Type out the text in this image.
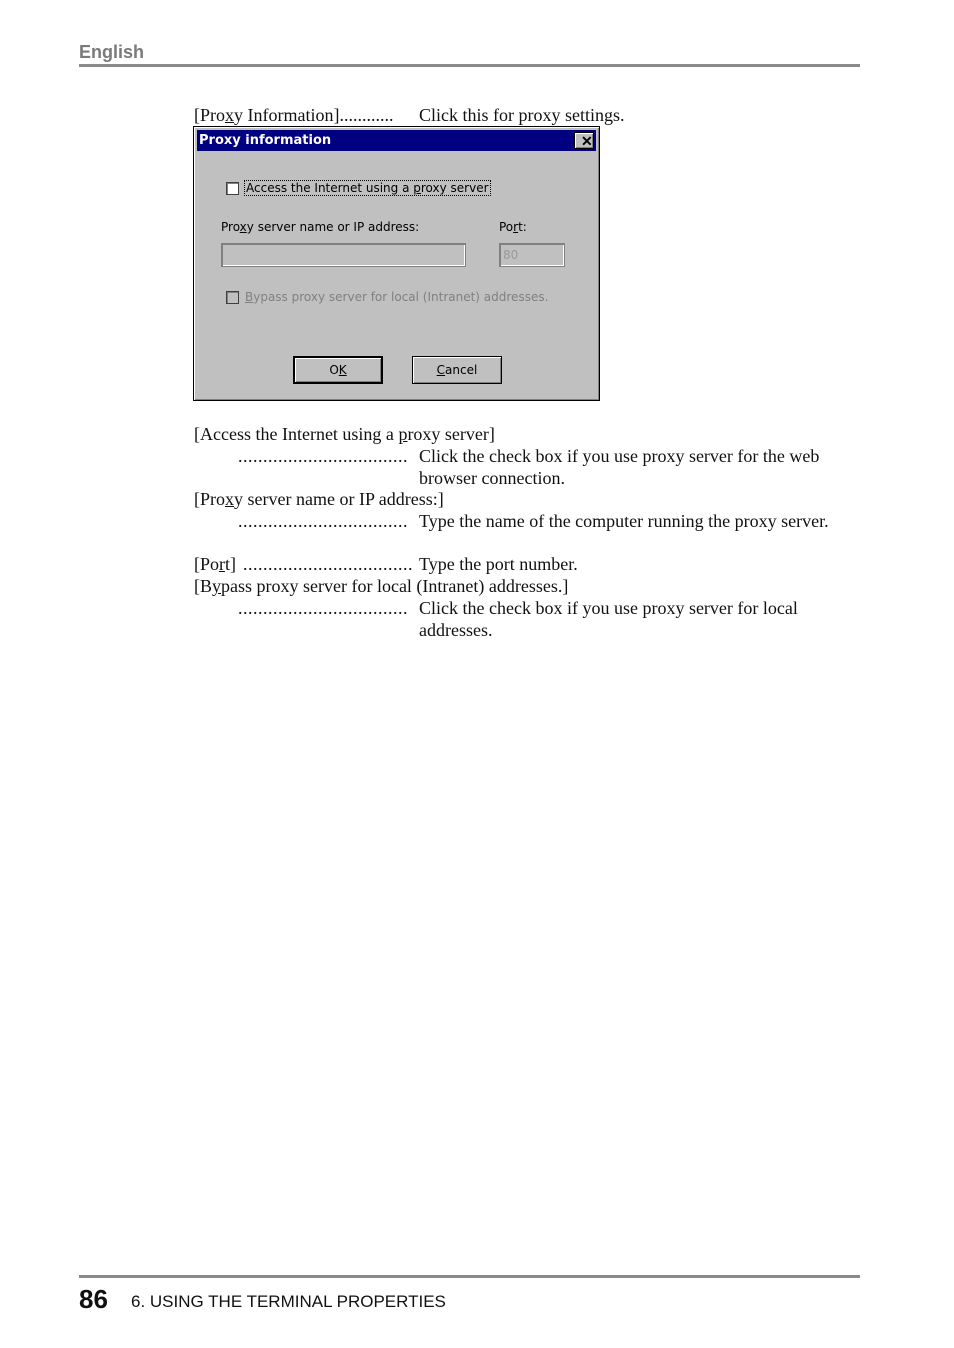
English
[Proxy Information]............ Click this for proxy settings.
Proxy information	✕
Access the Internet using a proxy server
Proxy server name or IP address:	Port:
80
Bypass proxy server for local (Intranet) addresses.
OK	Cancel
[Access the Internet using a proxy server]
.................................. Click the check box if you use proxy server for the web browser connection.
[Proxy server name or IP address:]
.................................. Type the name of the computer running the proxy server.
[Port] .................................. Type the port number.
[Bypass proxy server for local (Intranet) addresses.]
.................................. Click the check box if you use proxy server for local addresses.
86 6. USING THE TERMINAL PROPERTIES
